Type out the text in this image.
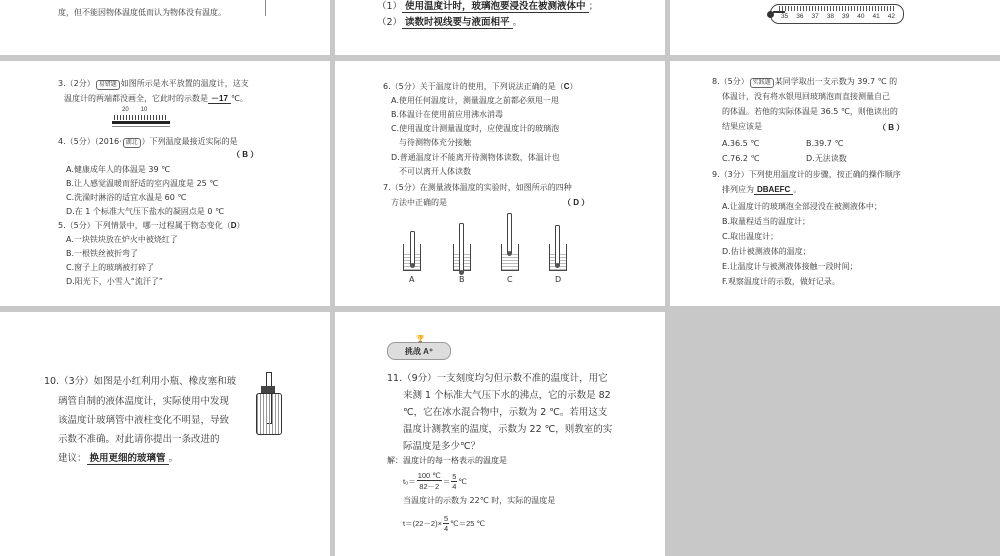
度，但不能因物体温度低而认为物体没有温度。
（1） 使用温度计时，玻璃泡要浸没在被测液体中 ；
（2） 读数时视线要与液面相平 。
35 36 37 38 39 40 41 42
3.（2分） 易错题 如图所示是水平放置的温度计，这支
温度计的两端都没画全，它此时的示数是 －17 ℃。
20 10
4.（5分）（2016· 湖北 ）下列温度最接近实际的是
（ B ）
A.健康成年人的体温是 39 ℃
B.让人感觉温暖而舒适的室内温度是 25 ℃
C.洗澡时淋浴的适宜水温是 60 ℃
D.在 1 个标准大气压下盐水的凝固点是 0 ℃
5.（5分）下列情景中，哪一过程属于物态变化（D）
A.一块铁块放在炉火中被烧红了
B.一根铁丝被折弯了
C.窗子上的玻璃被打碎了
D.阳光下，小雪人“流汗了”
6.（5分）关于温度计的使用，下列说法正确的是（C）
A.使用任何温度计，测量温度之前都必须甩一甩
B.体温计在使用前应用沸水消毒
C.使用温度计测量温度时，应使温度计的玻璃泡
　与待测物体充分接触
D.普通温度计不能离开待测物体读数，体温计也
　不可以离开人体读数
7.（5分）在测量液体温度的实验时，如图所示的四种
方法中正确的是	（ D ）
A	B	C	D
8.（5分） 实践题 某同学取出一支示数为 39.7 ℃ 的
体温计，没有将水银甩回玻璃泡而直接测量自己
的体温。若他的实际体温是 36.5 ℃，则他读出的
结果应该是	（ B ）
A.36.5 ℃	B.39.7 ℃
C.76.2 ℃	D.无法读数
9.（3分）下列使用温度计的步骤，按正确的操作顺序
排列应为 DBAEFC 。
A.让温度计的玻璃泡全部浸没在被测液体中；
B.取量程适当的温度计；
C.取出温度计；
D.估计被测液体的温度；
E.让温度计与被测液体接触一段时间；
F.观察温度计的示数，做好记录。
10.（3分）如图是小红利用小瓶、橡皮塞和玻
璃管自制的液体温度计，实际使用中发现
该温度计玻璃管中液柱变化不明显，导致
示数不准确。对此请你提出一条改进的
建议： 换用更细的玻璃管 。
🏆
挑战 A⁺
11.（9分）一支刻度均匀但示数不准的温度计，用它
来测 1 个标准大气压下水的沸点，它的示数是 82
℃，它在冰水混合物中，示数为 2 ℃。若用这支
温度计测教室的温度，示数为 22 ℃，则教室的实
际温度是多少℃？
解：温度计的每一格表示的温度是
t₀＝
100 ℃
82－2
＝
5
4
℃
当温度计的示数为 22℃ 时，实际的温度是
$t=(22-2)\times \frac{5}{4}$ ℃＝25 ℃
